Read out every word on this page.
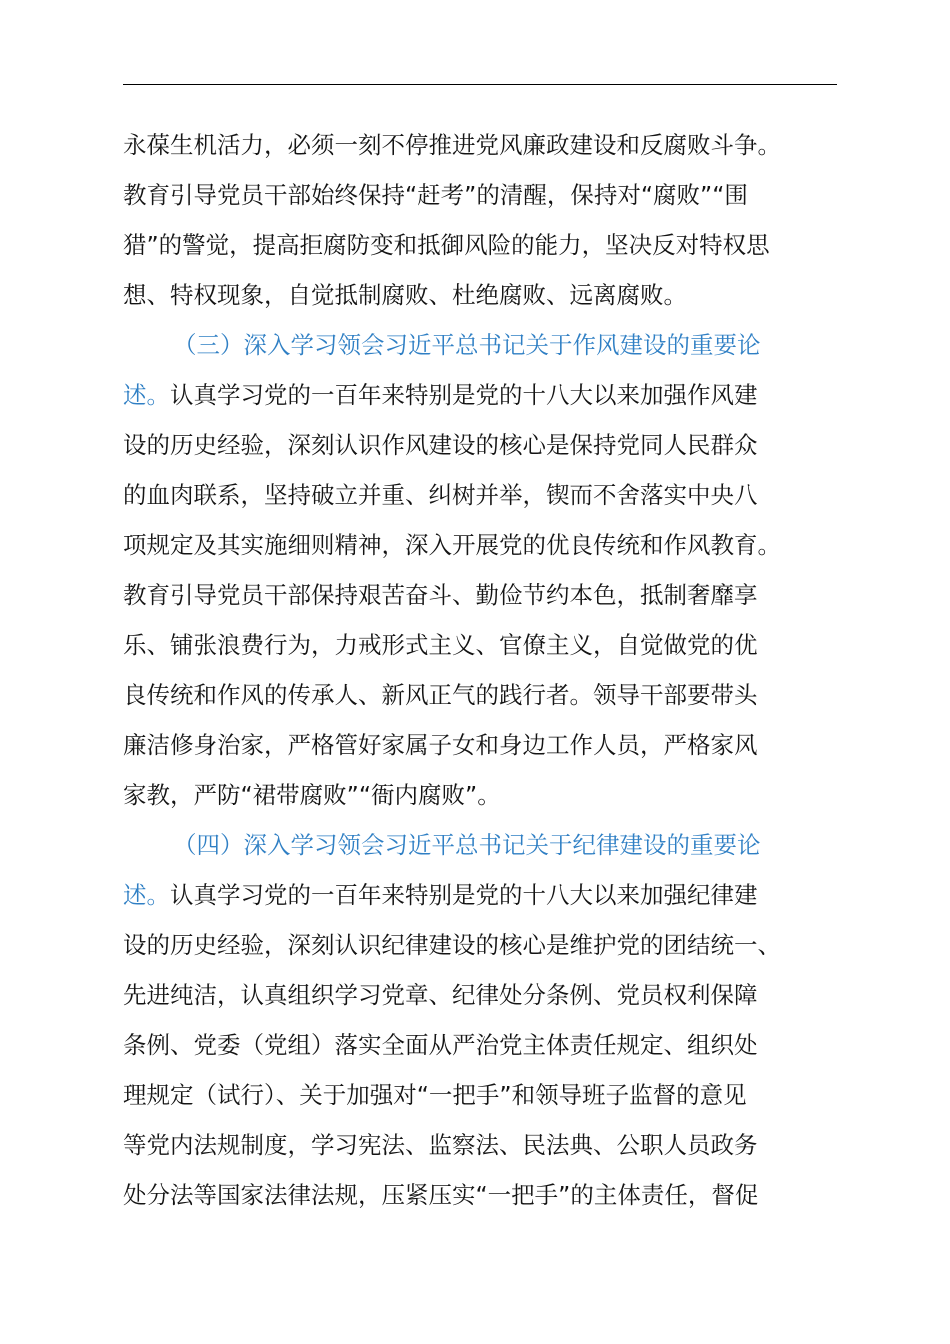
永葆生机活力，必须一刻不停推进党风廉政建设和反腐败斗争。
教育引导党员干部始终保持“赶考”的清醒，保持对“腐败”“围
猎”的警觉，提高拒腐防变和抵御风险的能力，坚决反对特权思
想、特权现象，自觉抵制腐败、杜绝腐败、远离腐败。
（三）深入学习领会习近平总书记关于作风建设的重要论
述。认真学习党的一百年来特别是党的十八大以来加强作风建
设的历史经验，深刻认识作风建设的核心是保持党同人民群众
的血肉联系，坚持破立并重、纠树并举，锲而不舍落实中央八
项规定及其实施细则精神，深入开展党的优良传统和作风教育。
教育引导党员干部保持艰苦奋斗、勤俭节约本色，抵制奢靡享
乐、铺张浪费行为，力戒形式主义、官僚主义，自觉做党的优
良传统和作风的传承人、新风正气的践行者。领导干部要带头
廉洁修身治家，严格管好家属子女和身边工作人员，严格家风
家教，严防“裙带腐败”“衙内腐败”。
（四）深入学习领会习近平总书记关于纪律建设的重要论
述。认真学习党的一百年来特别是党的十八大以来加强纪律建
设的历史经验，深刻认识纪律建设的核心是维护党的团结统一、
先进纯洁，认真组织学习党章、纪律处分条例、党员权利保障
条例、党委（党组）落实全面从严治党主体责任规定、组织处
理规定（试行）、关于加强对“一把手”和领导班子监督的意见
等党内法规制度，学习宪法、监察法、民法典、公职人员政务
处分法等国家法律法规，压紧压实“一把手”的主体责任，督促
